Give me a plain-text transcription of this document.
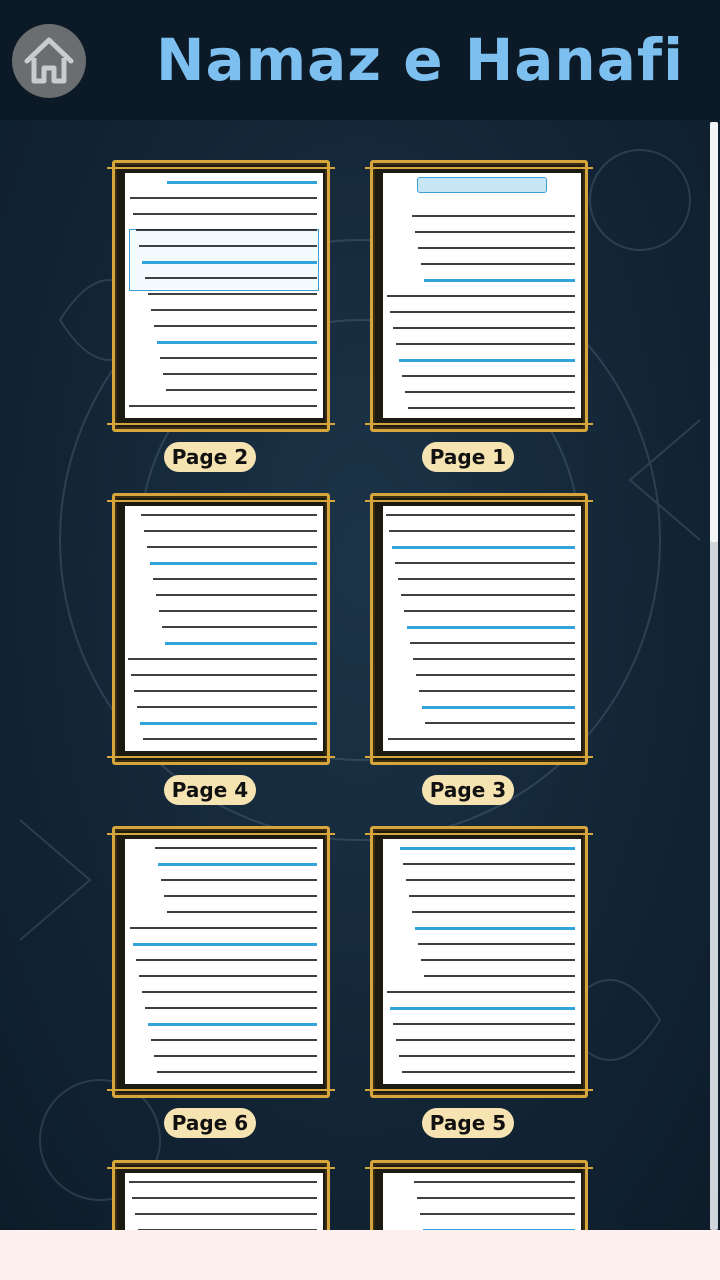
Namaz e Hanafi
Page 2	Page 1
Page 4	Page 3
Page 6	Page 5
